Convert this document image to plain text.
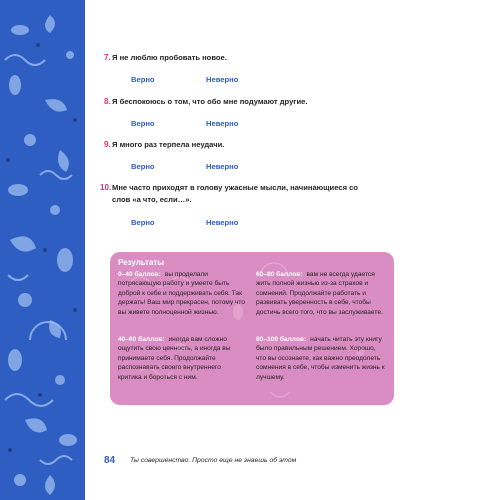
7. Я не люблю пробовать новое.
Верно	Неверно
8. Я беспокоюсь о том, что обо мне подумают другие.
Верно	Неверно
9. Я много раз терпела неудачи.
Верно	Неверно
10. Мне часто приходят в голову ужасные мысли, начинающиеся со слов «а что, если…».
Верно	Неверно
Результаты
0–40 баллов: вы проделали потрясающую работу и умеете быть доброй к себе и поддерживать себя. Так держать! Ваш мир прекрасен, потому что вы живете полноценной жизнью.
40–60 баллов: иногда вам сложно ощутить свою ценность, а иногда вы принимаете себя. Продолжайте распознавать своего внутреннего критика и бороться с ним.
60–80 баллов: вам не всегда удается жить полной жизнью из-за страхов и сомнений. Продолжайте работать и развивать уверенность в себе, чтобы достичь всего того, что вы заслуживаете.
80–100 баллов: начать читать эту книгу было правильным решением. Хорошо, что вы осознаете, как важно преодолеть сомнения в себе, чтобы изменить жизнь к лучшему.
84 Ты совершенство. Просто еще не знаешь об этом
